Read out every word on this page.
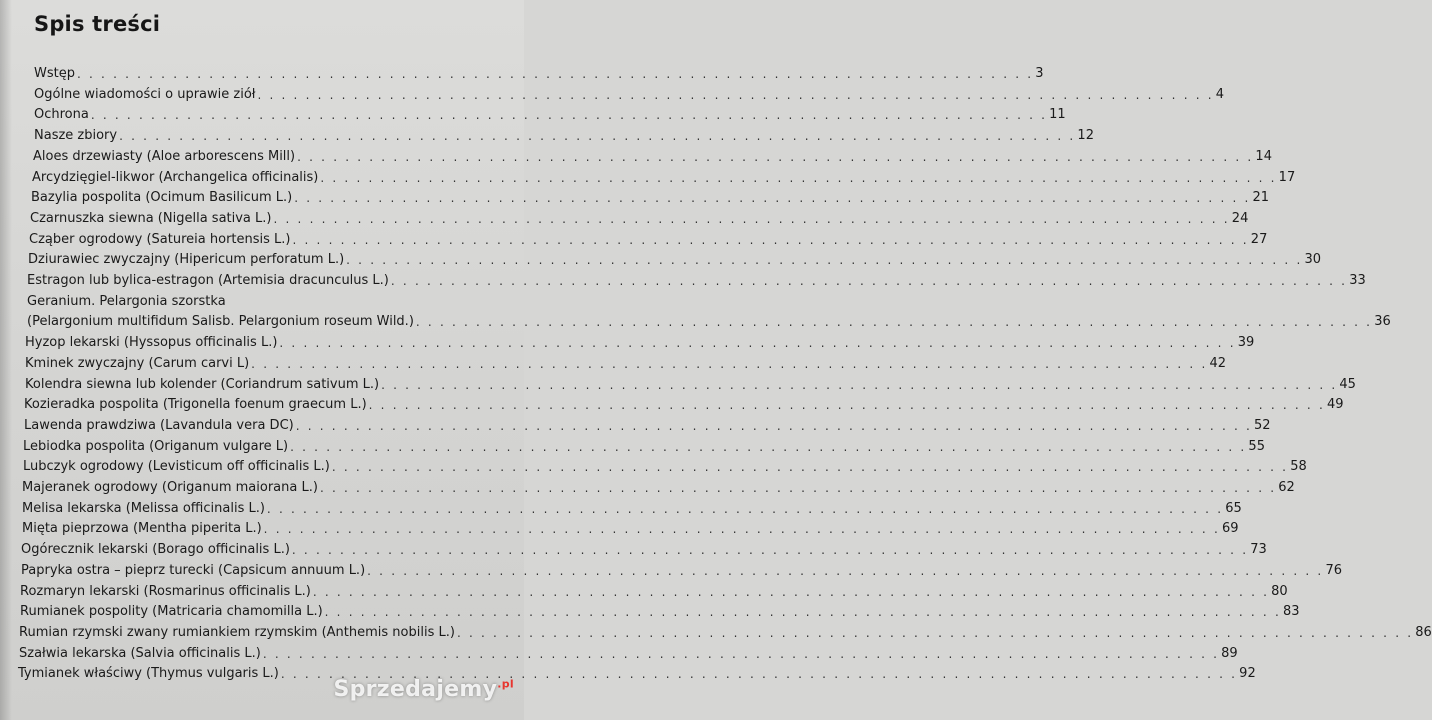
Spis treści
Wstęp . . . . . . . . . . . . . . . . . . . . . . . . . . . . . . . . . . . . . . . . . . . . . . . . . . . . . . . . . . . . . . . . . . . . . . . . . . . . . . . . 3
Ogólne wiadomości o uprawie ziół . . . . . . . . . . . . . . . . . . . . . . . . . . . . . . . . . . . . . . . . . . . . . . . . . . . . . . . . . . . . . . . . . . . . . . . . . . . . . . . . 4
Ochrona . . . . . . . . . . . . . . . . . . . . . . . . . . . . . . . . . . . . . . . . . . . . . . . . . . . . . . . . . . . . . . . . . . . . . . . . . . . . . . . . 11
Nasze zbiory . . . . . . . . . . . . . . . . . . . . . . . . . . . . . . . . . . . . . . . . . . . . . . . . . . . . . . . . . . . . . . . . . . . . . . . . . . . . . . . . 12
Aloes drzewiasty (Aloe arborescens Mill) . . . . . . . . . . . . . . . . . . . . . . . . . . . . . . . . . . . . . . . . . . . . . . . . . . . . . . . . . . . . . . . . . . . . . . . . . . . . . . . . 14
Arcydzięgiel-likwor (Archangelica officinalis) . . . . . . . . . . . . . . . . . . . . . . . . . . . . . . . . . . . . . . . . . . . . . . . . . . . . . . . . . . . . . . . . . . . . . . . . . . . . . . . . 17
Bazylia pospolita (Ocimum Basilicum L.) . . . . . . . . . . . . . . . . . . . . . . . . . . . . . . . . . . . . . . . . . . . . . . . . . . . . . . . . . . . . . . . . . . . . . . . . . . . . . . . . 21
Czarnuszka siewna (Nigella sativa L.) . . . . . . . . . . . . . . . . . . . . . . . . . . . . . . . . . . . . . . . . . . . . . . . . . . . . . . . . . . . . . . . . . . . . . . . . . . . . . . . . 24
Cząber ogrodowy (Satureia hortensis L.) . . . . . . . . . . . . . . . . . . . . . . . . . . . . . . . . . . . . . . . . . . . . . . . . . . . . . . . . . . . . . . . . . . . . . . . . . . . . . . . . 27
Dziurawiec zwyczajny (Hipericum perforatum L.) . . . . . . . . . . . . . . . . . . . . . . . . . . . . . . . . . . . . . . . . . . . . . . . . . . . . . . . . . . . . . . . . . . . . . . . . . . . . . . . . 30
Estragon lub bylica-estragon (Artemisia dracunculus L.) . . . . . . . . . . . . . . . . . . . . . . . . . . . . . . . . . . . . . . . . . . . . . . . . . . . . . . . . . . . . . . . . . . . . . . . . . . . . . . . . 33
Geranium. Pelargonia szorstka
(Pelargonium multifidum Salisb. Pelargonium roseum Wild.) . . . . . . . . . . . . . . . . . . . . . . . . . . . . . . . . . . . . . . . . . . . . . . . . . . . . . . . . . . . . . . . . . . . . . . . . . . . . . . . . 36
Hyzop lekarski (Hyssopus officinalis L.) . . . . . . . . . . . . . . . . . . . . . . . . . . . . . . . . . . . . . . . . . . . . . . . . . . . . . . . . . . . . . . . . . . . . . . . . . . . . . . . . 39
Kminek zwyczajny (Carum carvi L) . . . . . . . . . . . . . . . . . . . . . . . . . . . . . . . . . . . . . . . . . . . . . . . . . . . . . . . . . . . . . . . . . . . . . . . . . . . . . . . . 42
Kolendra siewna lub kolender (Coriandrum sativum L.) . . . . . . . . . . . . . . . . . . . . . . . . . . . . . . . . . . . . . . . . . . . . . . . . . . . . . . . . . . . . . . . . . . . . . . . . . . . . . . . . 45
Kozieradka pospolita (Trigonella foenum graecum L.) . . . . . . . . . . . . . . . . . . . . . . . . . . . . . . . . . . . . . . . . . . . . . . . . . . . . . . . . . . . . . . . . . . . . . . . . . . . . . . . . 49
Lawenda prawdziwa (Lavandula vera DC) . . . . . . . . . . . . . . . . . . . . . . . . . . . . . . . . . . . . . . . . . . . . . . . . . . . . . . . . . . . . . . . . . . . . . . . . . . . . . . . . 52
Lebiodka pospolita (Origanum vulgare L) . . . . . . . . . . . . . . . . . . . . . . . . . . . . . . . . . . . . . . . . . . . . . . . . . . . . . . . . . . . . . . . . . . . . . . . . . . . . . . . . 55
Lubczyk ogrodowy (Levisticum off officinalis L.) . . . . . . . . . . . . . . . . . . . . . . . . . . . . . . . . . . . . . . . . . . . . . . . . . . . . . . . . . . . . . . . . . . . . . . . . . . . . . . . . 58
Majeranek ogrodowy (Origanum maiorana L.) . . . . . . . . . . . . . . . . . . . . . . . . . . . . . . . . . . . . . . . . . . . . . . . . . . . . . . . . . . . . . . . . . . . . . . . . . . . . . . . . 62
Melisa lekarska (Melissa officinalis L.) . . . . . . . . . . . . . . . . . . . . . . . . . . . . . . . . . . . . . . . . . . . . . . . . . . . . . . . . . . . . . . . . . . . . . . . . . . . . . . . . 65
Mięta pieprzowa (Mentha piperita L.) . . . . . . . . . . . . . . . . . . . . . . . . . . . . . . . . . . . . . . . . . . . . . . . . . . . . . . . . . . . . . . . . . . . . . . . . . . . . . . . . 69
Ogórecznik lekarski (Borago officinalis L.) . . . . . . . . . . . . . . . . . . . . . . . . . . . . . . . . . . . . . . . . . . . . . . . . . . . . . . . . . . . . . . . . . . . . . . . . . . . . . . . . 73
Papryka ostra – pieprz turecki (Capsicum annuum L.) . . . . . . . . . . . . . . . . . . . . . . . . . . . . . . . . . . . . . . . . . . . . . . . . . . . . . . . . . . . . . . . . . . . . . . . . . . . . . . . . 76
Rozmaryn lekarski (Rosmarinus officinalis L.) . . . . . . . . . . . . . . . . . . . . . . . . . . . . . . . . . . . . . . . . . . . . . . . . . . . . . . . . . . . . . . . . . . . . . . . . . . . . . . . . 80
Rumianek pospolity (Matricaria chamomilla L.) . . . . . . . . . . . . . . . . . . . . . . . . . . . . . . . . . . . . . . . . . . . . . . . . . . . . . . . . . . . . . . . . . . . . . . . . . . . . . . . . 83
Rumian rzymski zwany rumiankiem rzymskim (Anthemis nobilis L.) . . . . . . . . . . . . . . . . . . . . . . . . . . . . . . . . . . . . . . . . . . . . . . . . . . . . . . . . . . . . . . . . . . . . . . . . . . . . . . . . 86
Szałwia lekarska (Salvia officinalis L.) . . . . . . . . . . . . . . . . . . . . . . . . . . . . . . . . . . . . . . . . . . . . . . . . . . . . . . . . . . . . . . . . . . . . . . . . . . . . . . . . 89
Tymianek właściwy (Thymus vulgaris L.) . . . . . . . . . . . . . . . . . . . . . . . . . . . . . . . . . . . . . . . . . . . . . . . . . . . . . . . . . . . . . . . . . . . . . . . . . . . . . . . . 92
Sprzedajemy$^{.pl}$
